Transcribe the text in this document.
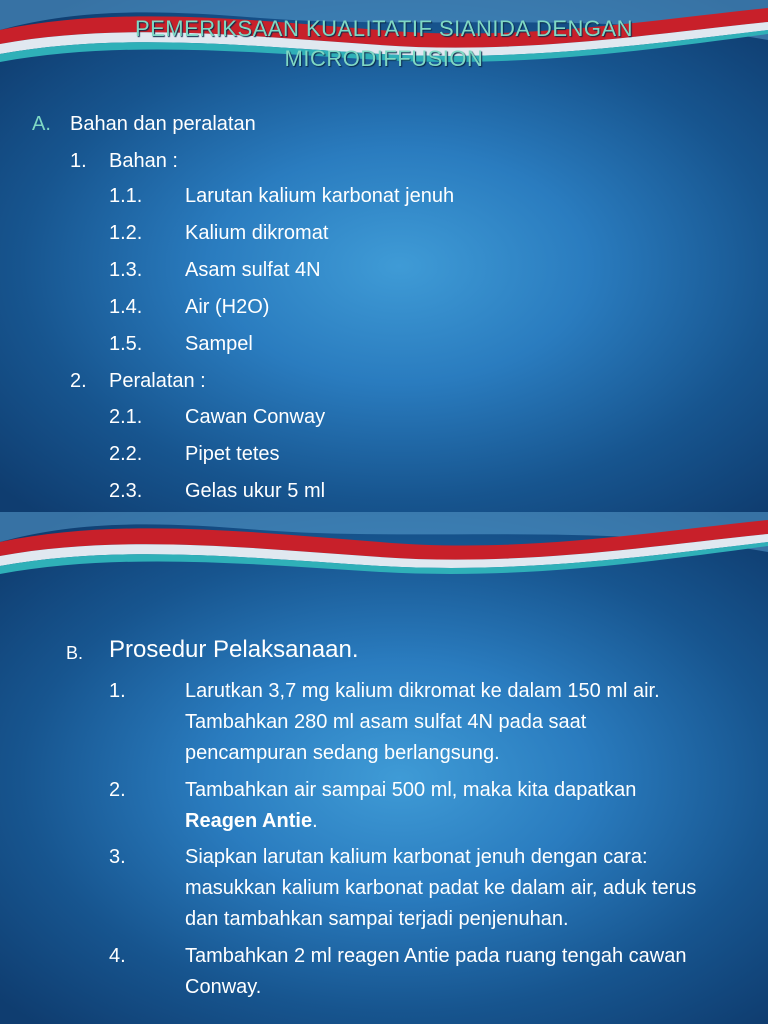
PEMERIKSAAN KUALITATIF SIANIDA DENGAN
MICRODIFFUSION
A. Bahan dan peralatan
1. Bahan :
1.1. Larutan kalium karbonat jenuh
1.2. Kalium dikromat
1.3. Asam sulfat 4N
1.4. Air (H2O)
1.5. Sampel
2. Peralatan :
2.1. Cawan Conway
2.2. Pipet tetes
2.3. Gelas ukur 5 ml
B. Prosedur Pelaksanaan.
1.	Larutkan 3,7 mg kalium dikromat ke dalam 150 ml air.
Tambahkan 280 ml asam sulfat 4N pada saat
pencampuran sedang berlangsung.
2.	Tambahkan air sampai 500 ml, maka kita dapatkan
Reagen Antie.
3.	Siapkan larutan kalium karbonat jenuh dengan cara:
masukkan kalium karbonat padat ke dalam air, aduk terus
dan tambahkan sampai terjadi penjenuhan.
4.	Tambahkan 2 ml reagen Antie pada ruang tengah cawan
Conway.
